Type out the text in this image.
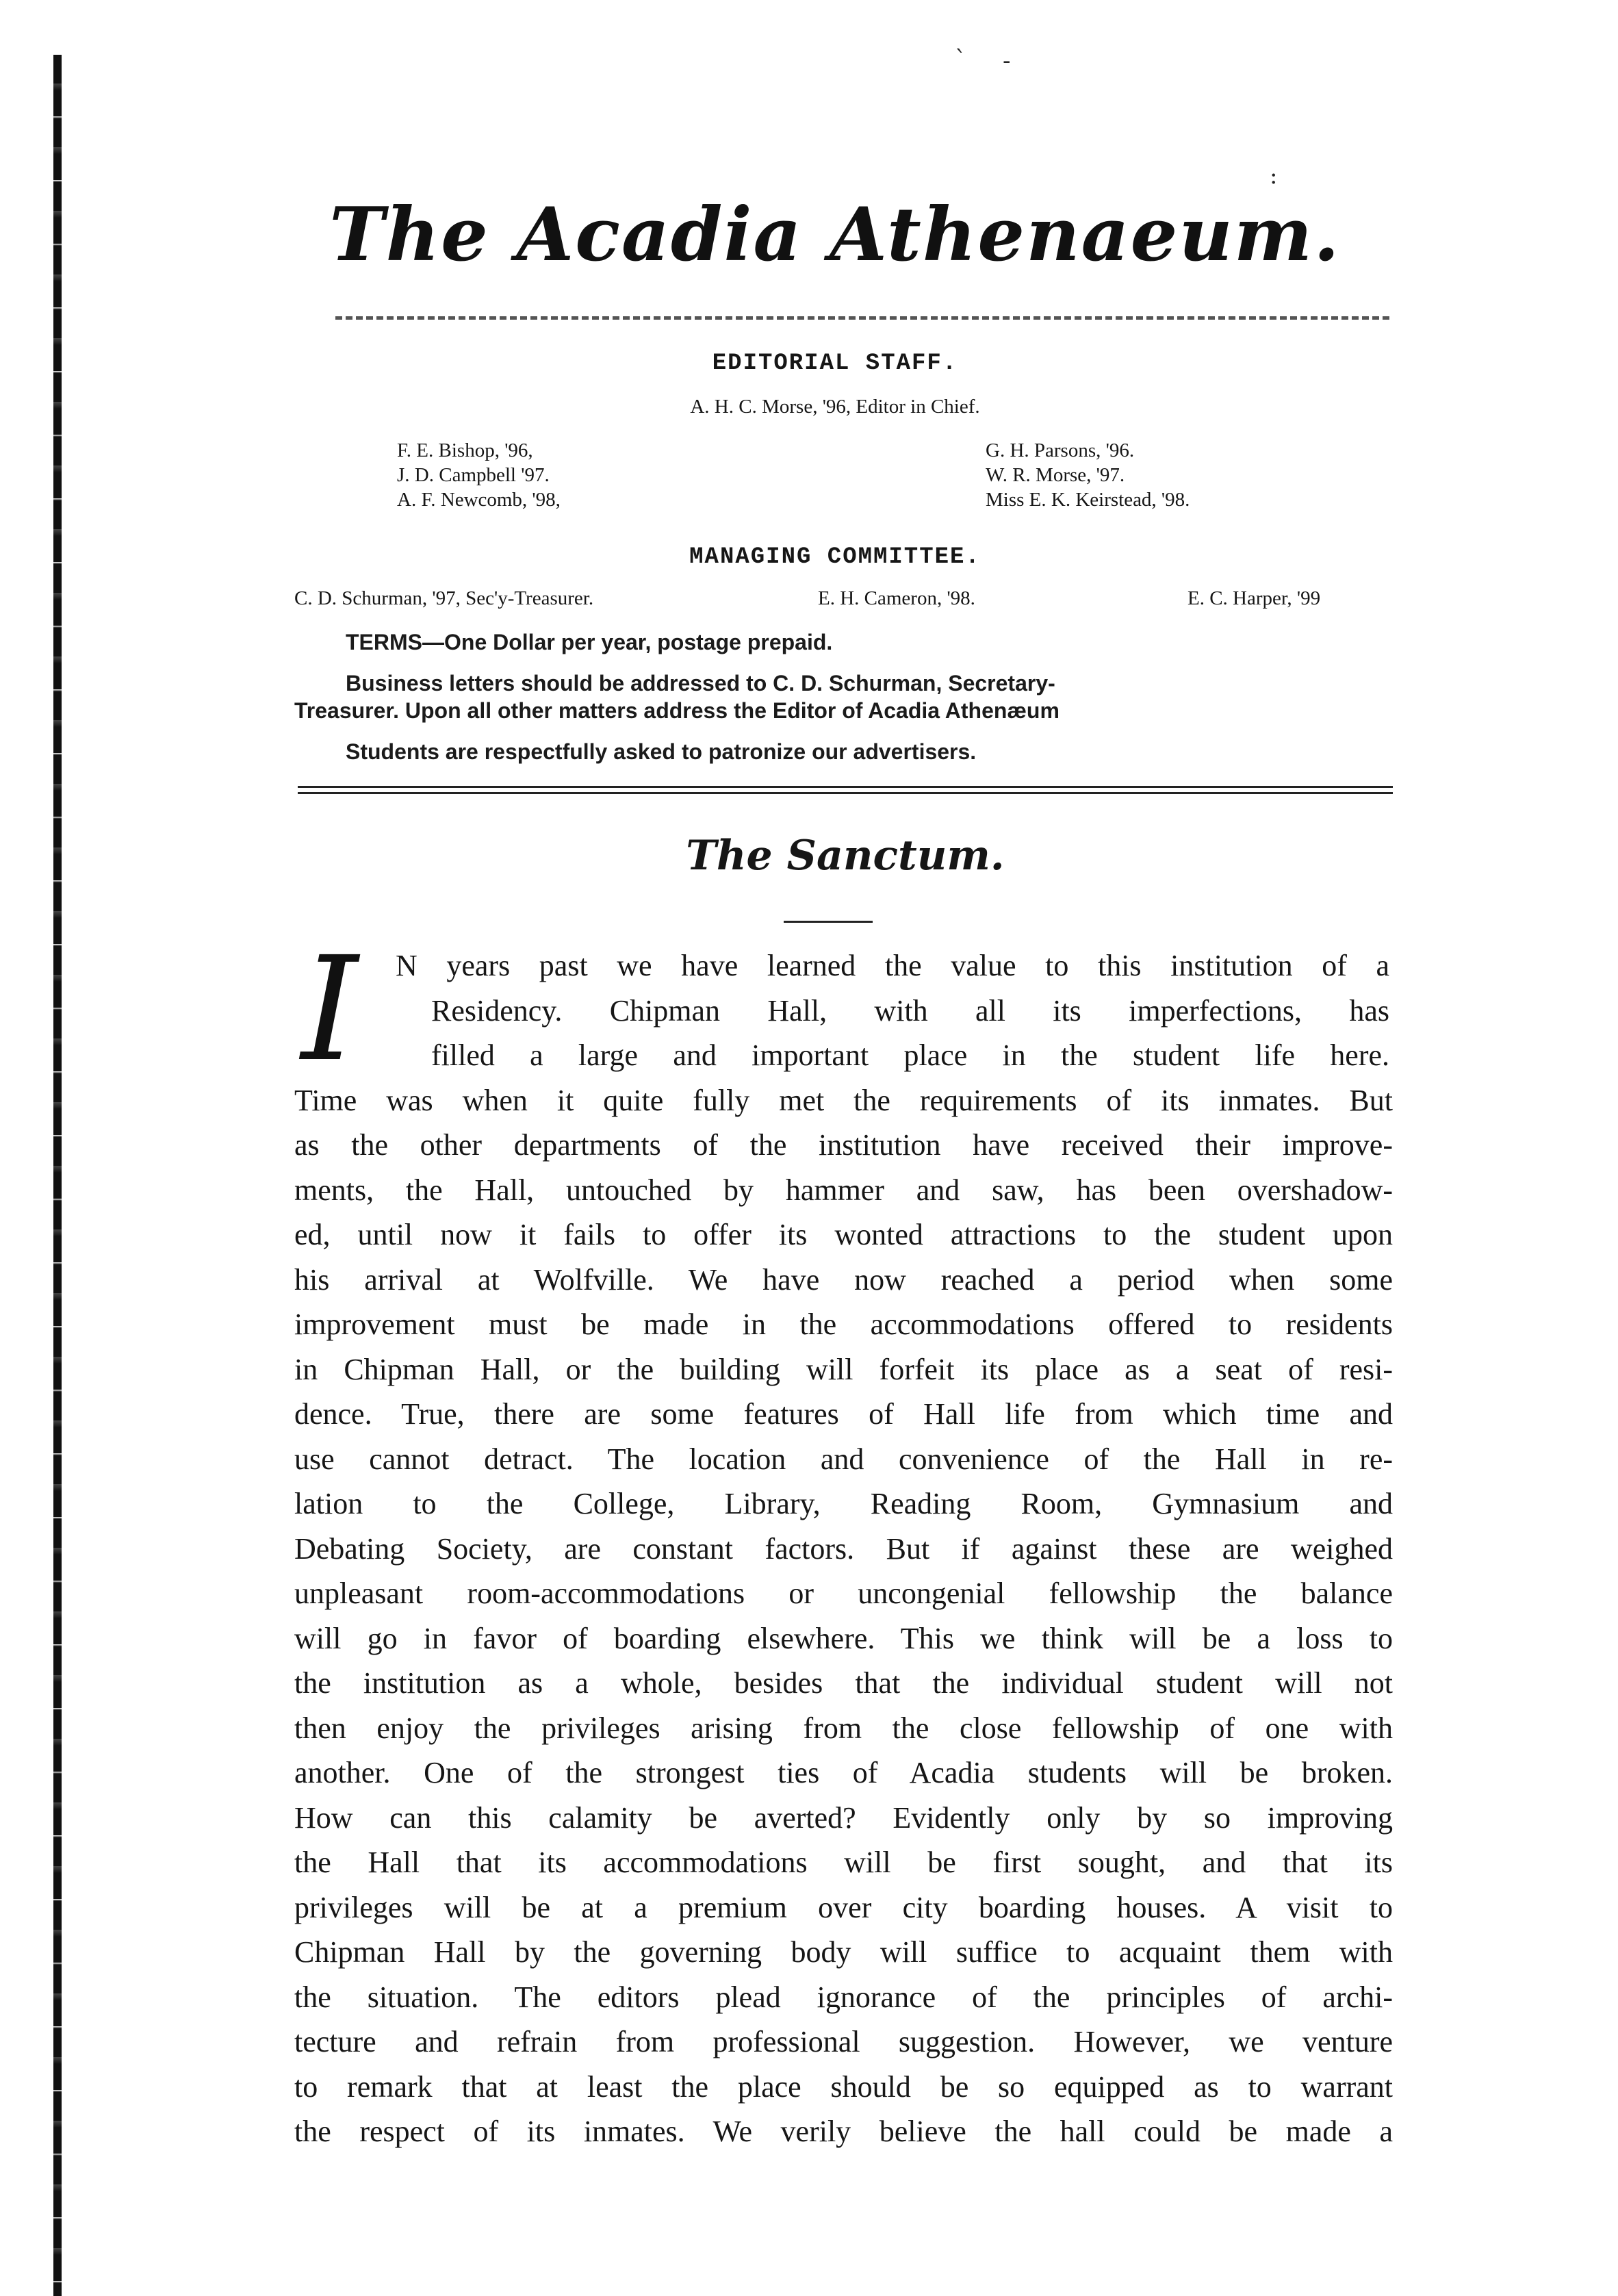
` -
:
The Acadia Athenaeum.
EDITORIAL STAFF.
A. H. C. Morse, '96, Editor in Chief.
F. E. Bishop, '96,
J. D. Campbell '97.
A. F. Newcomb, '98,
G. H. Parsons, '96.
W. R. Morse, '97.
Miss E. K. Keirstead, '98.
MANAGING COMMITTEE.
C. D. Schurman, '97, Sec'y-Treasurer.	E. H. Cameron, '98.	E. C. Harper, '99
TERMS—One Dollar per year, postage prepaid.
Business letters should be addressed to C. D. Schurman, Secretary-
Treasurer. Upon all other matters address the Editor of Acadia Athenæum
Students are respectfully asked to patronize our advertisers.
The Sanctum.
I N years past we have learned the value to this institution of a
Residency. Chipman Hall, with all its imperfections, has
filled a large and important place in the student life here.
Time was when it quite fully met the requirements of its inmates. But
as the other departments of the institution have received their improve-
ments, the Hall, untouched by hammer and saw, has been overshadow-
ed, until now it fails to offer its wonted attractions to the student upon
his arrival at Wolfville. We have now reached a period when some
improvement must be made in the accommodations offered to residents
in Chipman Hall, or the building will forfeit its place as a seat of resi-
dence. True, there are some features of Hall life from which time and
use cannot detract. The location and convenience of the Hall in re-
lation to the College, Library, Reading Room, Gymnasium and
Debating Society, are constant factors. But if against these are weighed
unpleasant room-accommodations or uncongenial fellowship the balance
will go in favor of boarding elsewhere. This we think will be a loss to
the institution as a whole, besides that the individual student will not
then enjoy the privileges arising from the close fellowship of one with
another. One of the strongest ties of Acadia students will be broken.
How can this calamity be averted? Evidently only by so improving
the Hall that its accommodations will be first sought, and that its
privileges will be at a premium over city boarding houses. A visit to
Chipman Hall by the governing body will suffice to acquaint them with
the situation. The editors plead ignorance of the principles of archi-
tecture and refrain from professional suggestion. However, we venture
to remark that at least the place should be so equipped as to warrant
the respect of its inmates. We verily believe the hall could be made a
